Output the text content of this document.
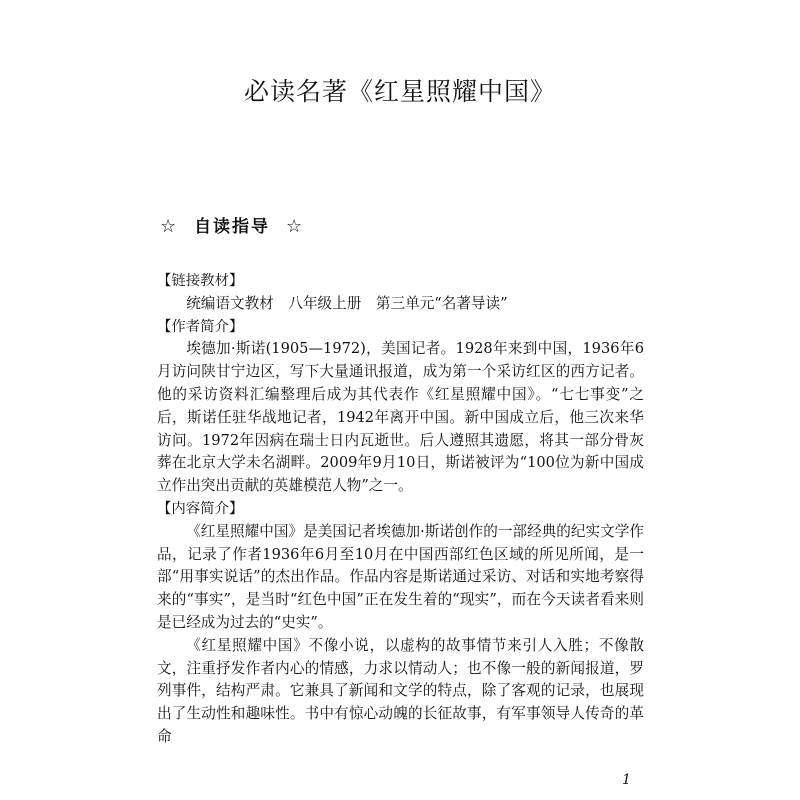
必读名著《红星照耀中国》
☆ 自读指导 ☆
【链接教材】

统编语文教材　八年级上册　第三单元“名著导读”

【作者简介】

埃德加·斯诺(1905—1972)，美国记者。1928年来到中国，1936年6月访问陕甘宁边区，写下大量通讯报道，成为第一个采访红区的西方记者。他的采访资料汇编整理后成为其代表作《红星照耀中国》。“七七事变”之后，斯诺任驻华战地记者，1942年离开中国。新中国成立后，他三次来华访问。1972年因病在瑞士日内瓦逝世。后人遵照其遗愿，将其一部分骨灰葬在北京大学未名湖畔。2009年9月10日，斯诺被评为“100位为新中国成立作出突出贡献的英雄模范人物”之一。

【内容简介】

《红星照耀中国》是美国记者埃德加·斯诺创作的一部经典的纪实文学作品，记录了作者1936年6月至10月在中国西部红色区域的所见所闻，是一部“用事实说话”的杰出作品。作品内容是斯诺通过采访、对话和实地考察得来的“事实”，是当时“红色中国”正在发生着的“现实”，而在今天读者看来则是已经成为过去的“史实”。

《红星照耀中国》不像小说，以虚构的故事情节来引人入胜；不像散文，注重抒发作者内心的情感，力求以情动人；也不像一般的新闻报道，罗列事件，结构严肃。它兼具了新闻和文学的特点，除了客观的记录，也展现出了生动性和趣味性。书中有惊心动魄的长征故事，有军事领导人传奇的革命

1
